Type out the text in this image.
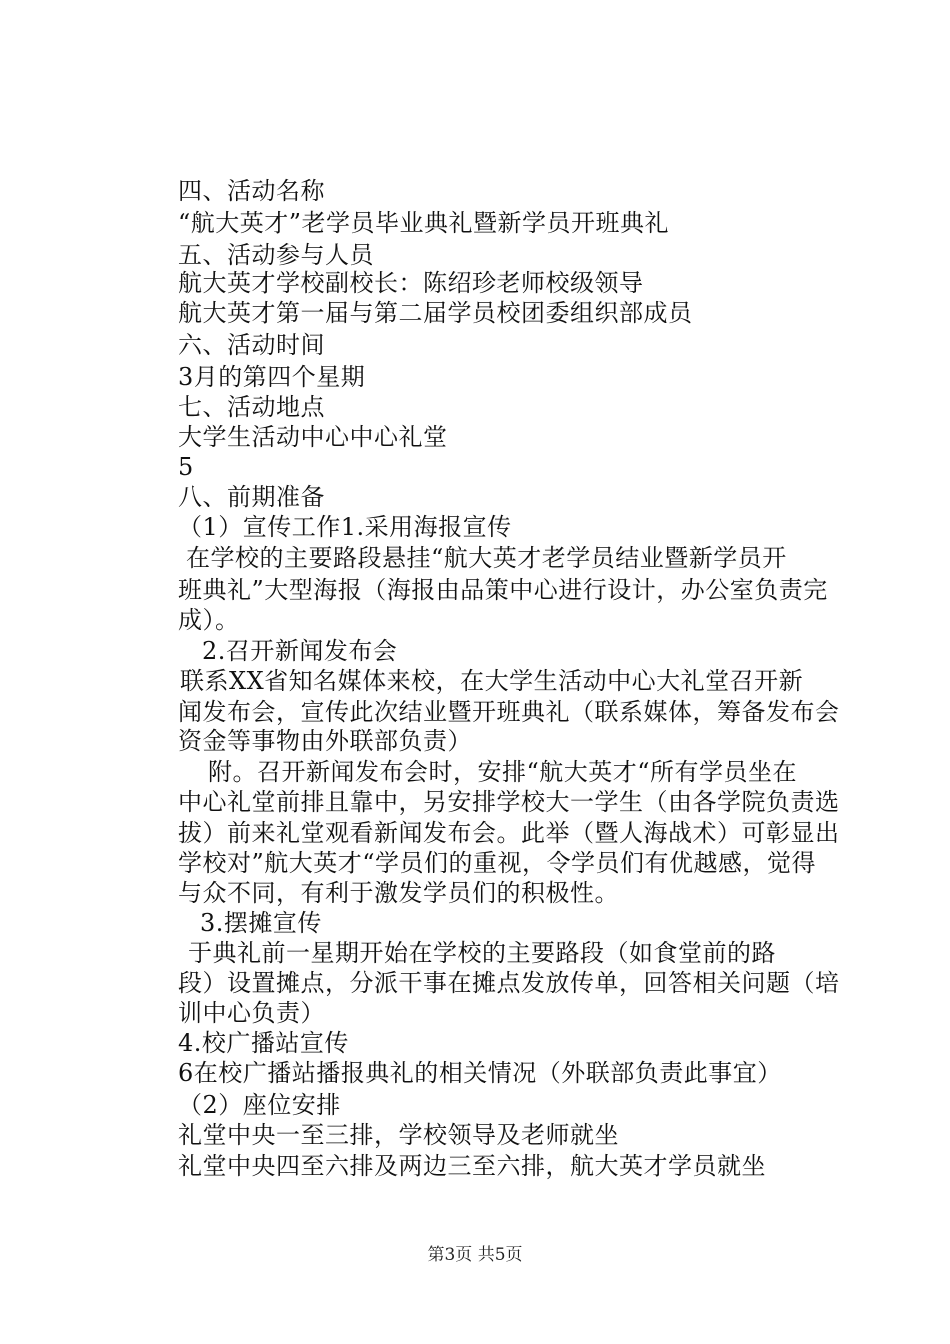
四、活动名称
“航大英才”老学员毕业典礼暨新学员开班典礼
五、活动参与人员
航大英才学校副校长：陈绍珍老师校级领导
航大英才第一届与第二届学员校团委组织部成员
六、活动时间
3月的第四个星期
七、活动地点
大学生活动中心中心礼堂
5
八、前期准备
（1）宣传工作1.采用海报宣传
在学校的主要路段悬挂“航大英才老学员结业暨新学员开
班典礼”大型海报（海报由品策中心进行设计，办公室负责完
成）。
2.召开新闻发布会
联系XX省知名媒体来校，在大学生活动中心大礼堂召开新
闻发布会，宣传此次结业暨开班典礼（联系媒体，筹备发布会
资金等事物由外联部负责）
附。召开新闻发布会时，安排“航大英才“所有学员坐在
中心礼堂前排且靠中，另安排学校大一学生（由各学院负责选
拔）前来礼堂观看新闻发布会。此举（暨人海战术）可彰显出
学校对”航大英才“学员们的重视，令学员们有优越感，觉得
与众不同，有利于激发学员们的积极性。
3.摆摊宣传
于典礼前一星期开始在学校的主要路段（如食堂前的路
段）设置摊点，分派干事在摊点发放传单，回答相关问题（培
训中心负责）
4.校广播站宣传
6在校广播站播报典礼的相关情况（外联部负责此事宜）
（2）座位安排
礼堂中央一至三排，学校领导及老师就坐
礼堂中央四至六排及两边三至六排，航大英才学员就坐
第3页 共5页
